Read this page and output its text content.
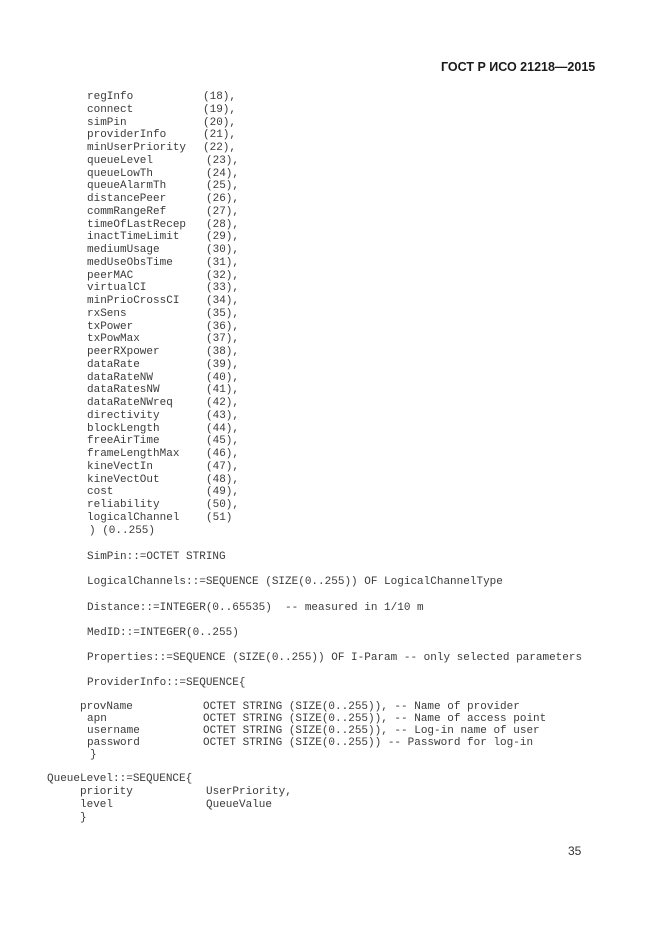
ГОСТ Р ИСО 21218—2015
regInfo	(18),
connect	(19),
simPin	(20),
providerInfo	(21),
minUserPriority (22),
queueLevel	(23),
queueLowTh	(24),
queueAlarmTh	(25),
distancePeer	(26),
commRangeRef	(27),
timeOfLastRecep (28),
inactTimeLimit (29),
mediumUsage	(30),
medUseObsTime	(31),
peerMAC	(32),
virtualCI	(33),
minPrioCrossCI (34),
rxSens	(35),
txPower	(36),
txPowMax	(37),
peerRXpower	(38),
dataRate	(39),
dataRateNW	(40),
dataRatesNW	(41),
dataRateNWreq	(42),
directivity	(43),
blockLength	(44),
freeAirTime	(45),
frameLengthMax (46),
kineVectIn	(47),
kineVectOut	(48),
cost	(49),
reliability	(50),
logicalChannel (51)
) (0..255)
SimPin::=OCTET STRING
LogicalChannels::=SEQUENCE (SIZE(0..255)) OF LogicalChannelType
Distance::=INTEGER(0..65535)  -- measured in 1/10 m
MedID::=INTEGER(0..255)
Properties::=SEQUENCE (SIZE(0..255)) OF I-Param -- only selected parameters
ProviderInfo::=SEQUENCE{
provName	OCTET STRING (SIZE(0..255)), -- Name of provider
apn	OCTET STRING (SIZE(0..255)), -- Name of access point
username	OCTET STRING (SIZE(0..255)), -- Log-in name of user
password	OCTET STRING (SIZE(0..255)) -- Password for log-in
}
QueueLevel::=SEQUENCE{
priority	UserPriority,
level	QueueValue
}
35
